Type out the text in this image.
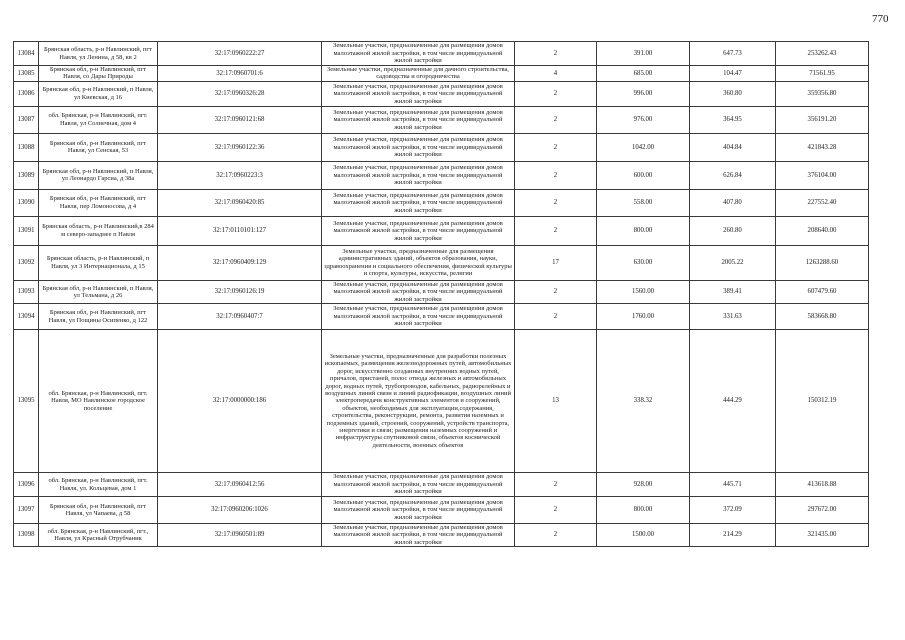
770
13084	Брянская область, р-н Навлинский, пгт Навля, ул Ленина, д 58, кв 2	32:17:0960222:27	Земельные участки, предназначенные для размещения домов малоэтажной жилой застройки, в том числе индивидуальной жилой застройки	2	391.00	647.73	253262.43
13085	Брянская обл, р-н Навлинский, пгт Навля, со Дары Природы	32:17:0960701:6	Земельные участки, предназначенные для дачного строительства, садоводства и огородничества	4	685.00	104.47	71561.95
13086	Брянская обл, р-н Навлинский, п Навля, ул Киевская, д 16	32:17:0960326:28	Земельные участки, предназначенные для размещения домов малоэтажной жилой застройки, в том числе индивидуальной жилой застройки	2	996.00	360.80	359356.80
13087	обл. Брянская, р-н Навлинский, пгт. Навля, ул Солнечная, дом 4	32:17:0960121:68	Земельные участки, предназначенные для размещения домов малоэтажной жилой застройки, в том числе индивидуальной жилой застройки	2	976.00	364.95	356191.20
13088	Брянская обл, р-н Навлинский, пгт Навля, ул Сенская, 53	32:17:0960122:36	Земельные участки, предназначенные для размещения домов малоэтажной жилой застройки, в том числе индивидуальной жилой застройки	2	1042.00	404.84	421843.28
13089	Брянская обл, р-н Навлинский, п Навля, ул Леонардо Гарсиа, д 38а	32:17:0960223:3	Земельные участки, предназначенные для размещения домов малоэтажной жилой застройки, в том числе индивидуальной жилой застройки	2	600.00	626.84	376104.00
13090	Брянская обл, р-н Навлинский, пгт Навля, пер Ломоносова, д 4	32:17:0960420:85	Земельные участки, предназначенные для размещения домов малоэтажной жилой застройки, в том числе индивидуальной жилой застройки	2	558.00	407.80	227552.40
13091	Брянская область, р-н Навлинский,в 284 м северо-западнее п Навля	32:17:0110101:127	Земельные участки, предназначенные для размещения домов малоэтажной жилой застройки, в том числе индивидуальной жилой застройки	2	800.00	260.80	208640.00
13092	Брянская область, р-н Навлинский, п Навля, ул 3 Интернационала, д 15	32:17:0960409:129	Земельные участки, предназначенные для размещения административных зданий, объектов образования, науки, здравоохранения и социального обеспечения, физической культуры и спорта, культуры, искусства, религии	17	630.00	2005.22	1263288.60
13093	Брянская обл, р-н Навлинский, п Навля, ул Тельмана, д 26	32:17:0960126:19	Земельные участки, предназначенные для размещения домов малоэтажной жилой застройки, в том числе индивидуальной жилой застройки	2	1560.00	389.41	607479.60
13094	Брянская обл, р-н Навлинский, пгт Навля, ул Пощины Осипенко, д 122	32:17:0960407:7	Земельные участки, предназначенные для размещения домов малоэтажной жилой застройки, в том числе индивидуальной жилой застройки	2	1760.00	331.63	583668.80
13095	обл. Брянская, р-н Навлинский, пгт. Навля, МО Навлинское городское поселение	32:17:0000000:186	Земельные участки, предназначенные для разработки полезных ископаемых, размещения железнодорожных путей, автомобильных дорог, искусственно созданных внутренних водных путей, причалов, пристаней, полос отвода железных и автомобильных дорог, водных путей, трубопроводов, кабельных, радиорелейных и воздушных линий связи и линий радиофикации, воздушных линий электропередачи конструктивных элементов и сооружений, объектов, необходимых для эксплуатации,содержания, строительства, реконструкции, ремонта, развития наземных и подземных зданий, строений, сооружений, устройств транспорта, энергетики и связи; размещения наземных сооружений и инфраструктуры спутниковой связи, объектов космической деятельности, военных объектов	13	338.32	444.29	150312.19
13096	обл. Брянская, р-н Навлинский, пгт. Навля, ул. Кольцевая, дом 1	32:17:0960412:56	Земельные участки, предназначенные для размещения домов малоэтажной жилой застройки, в том числе индивидуальной жилой застройки	2	928.00	445.71	413618.88
13097	Брянская обл, р-н Навлинский, пгт Навля, ул Чапаева, д 58	32:17:0960206:1026	Земельные участки, предназначенные для размещения домов малоэтажной жилой застройки, в том числе индивидуальной жилой застройки	2	800.00	372.09	297672.00
13098	обл. Брянская, р-н Навлинский, пгт., Навля, ул Красный Отрубчаник	32:17:0960501:89	Земельные участки, предназначенные для размещения домов малоэтажной жилой застройки, в том числе индивидуальной жилой застройки	2	1500.00	214.29	321435.00
